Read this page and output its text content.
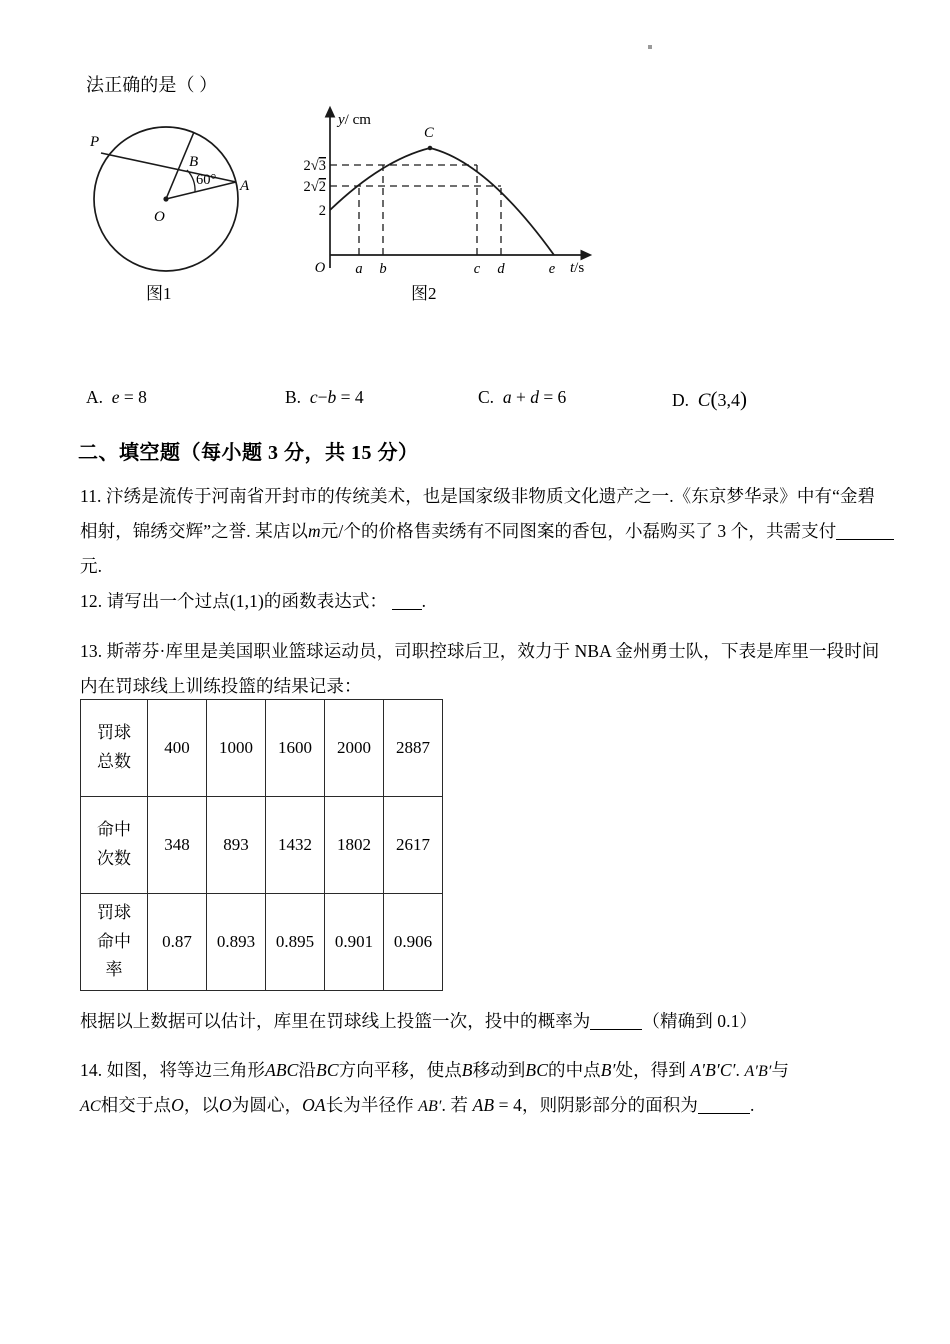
法正确的是（ ）
B
P
A
O
60°
图1
C
y/ cm
t/s
2√3
2√2
2
O a b	c d	e
图2
A. e = 8	B. c−b = 4	C. a + d = 6	D. C(3,4)
二、填空题（每小题 3 分，共 15 分）
11. 汴绣是流传于河南省开封市的传统美术，也是国家级非物质文化遗产之一.《东京梦华录》中有“金碧
相射，锦绣交辉”之誉. 某店以m元/个的价格售卖绣有不同图案的香包，小磊购买了 3 个，共需支付
元.
12. 请写出一个过点(1,1)的函数表达式： .
13. 斯蒂芬·库里是美国职业篮球运动员，司职控球后卫，效力于 NBA 金州勇士队，下表是库里一段时间
内在罚球线上训练投篮的结果记录：
罚球
总数	400	1000	1600	2000	2887
命中
次数	348	893	1432	1802	2617
罚球
命中
率	0.87	0.893	0.895	0.901	0.906
根据以上数据可以估计，库里在罚球线上投篮一次，投中的概率为	（精确到 0.1）
14. 如图，将等边三角形ABC沿BC方向平移，使点B移动到BC的中点B′处，得到 A′B′C′. A′B′与
AC相交于点O，以O为圆心，OA长为半径作 AB′. 若 AB = 4，则阴影部分的面积为	.
